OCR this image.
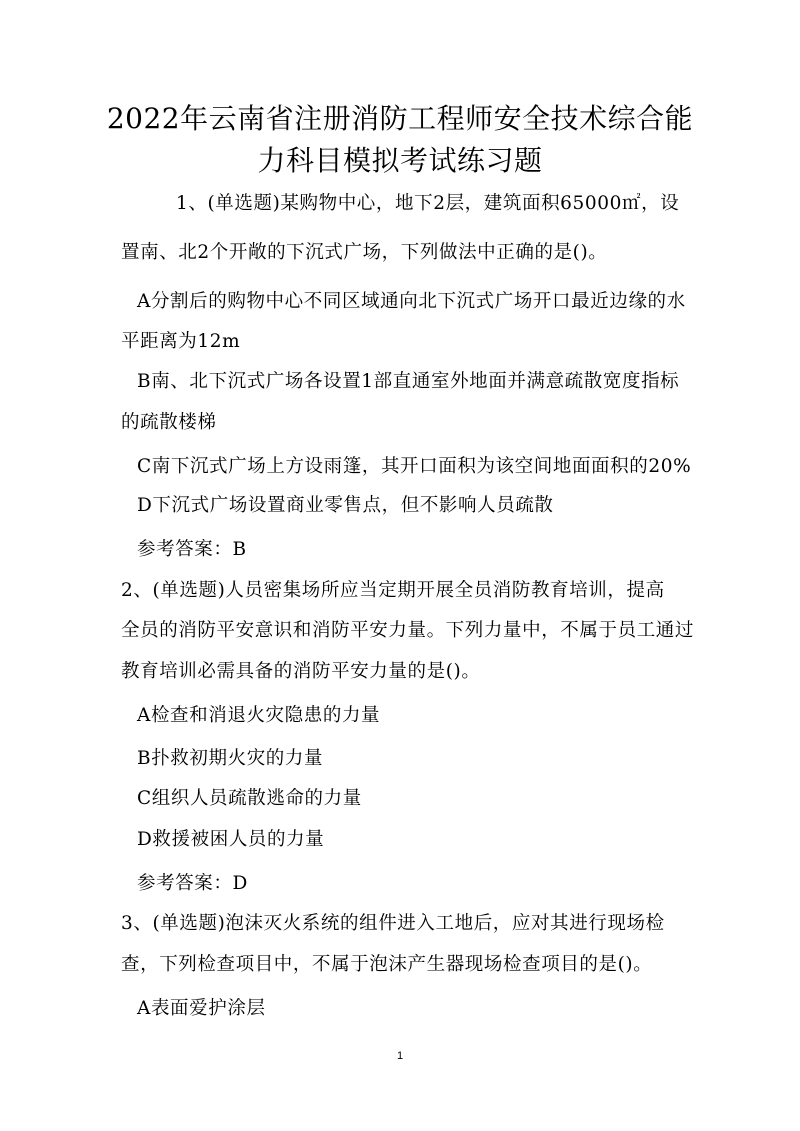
2022年云南省注册消防工程师安全技术综合能
力科目模拟考试练习题
1、(单选题)某购物中心，地下2层，建筑面积65000㎡，设
置南、北2个开敞的下沉式广场，下列做法中正确的是()。
A分割后的购物中心不同区域通向北下沉式广场开口最近边缘的水
平距离为12m
B南、北下沉式广场各设置1部直通室外地面并满意疏散宽度指标
的疏散楼梯
C南下沉式广场上方设雨篷，其开口面积为该空间地面面积的20%
D下沉式广场设置商业零售点，但不影响人员疏散
参考答案：B
2、(单选题)人员密集场所应当定期开展全员消防教育培训，提高
全员的消防平安意识和消防平安力量。下列力量中，不属于员工通过
教育培训必需具备的消防平安力量的是()。
A检查和消退火灾隐患的力量
B扑救初期火灾的力量
C组织人员疏散逃命的力量
D救援被困人员的力量
参考答案：D
3、(单选题)泡沫灭火系统的组件进入工地后，应对其进行现场检
查，下列检查项目中，不属于泡沫产生器现场检查项目的是()。
A表面爱护涂层
1
